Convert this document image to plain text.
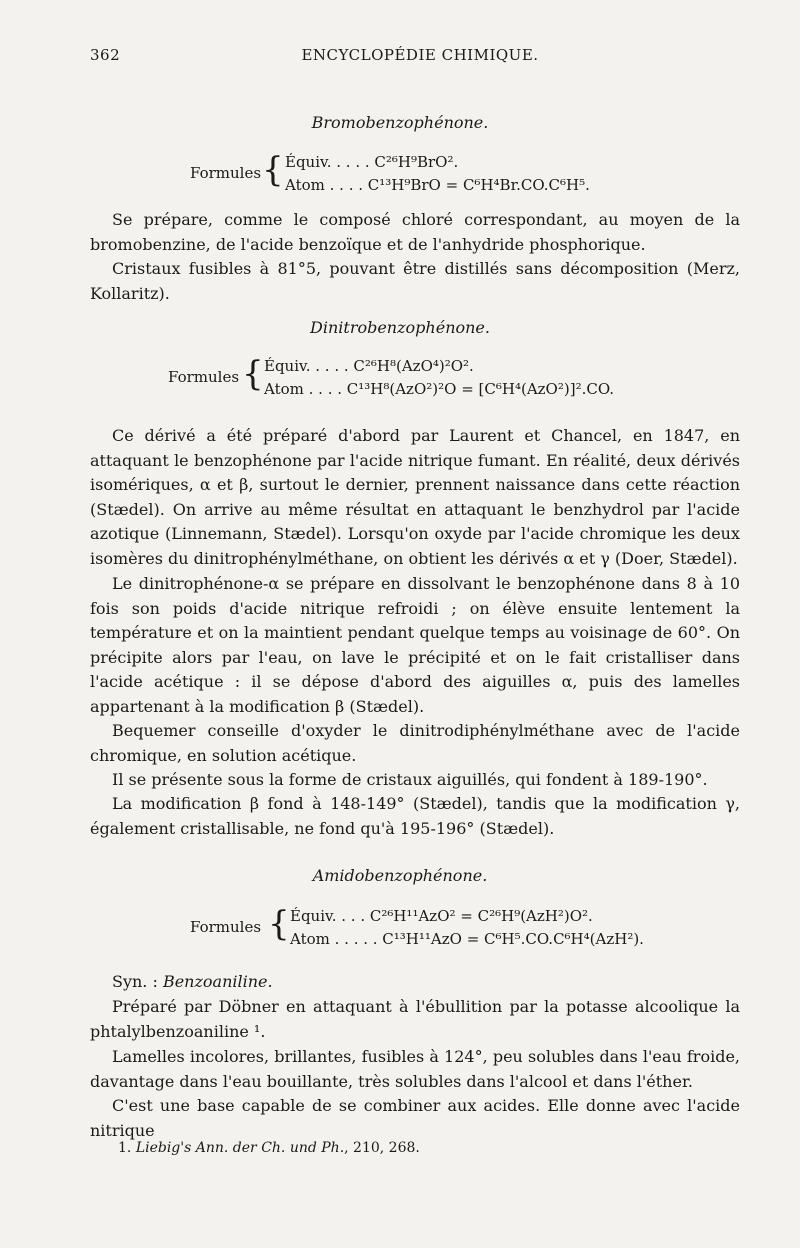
362	ENCYCLOPÉDIE CHIMIQUE.
Bromobenzophénone.
Formules { Équiv. . . . . C²⁶H⁹BrO².
Atom . . . . C¹³H⁹BrO = C⁶H⁴Br.CO.C⁶H⁵.

Se prépare, comme le composé chloré correspondant, au moyen de la bromobenzine, de l'acide benzoïque et de l'anhydride phosphorique.

Cristaux fusibles à 81°5, pouvant être distillés sans décomposition (Merz, Kollaritz).

Dinitrobenzophénone.
Formules { Équiv. . . . . C²⁶H⁸(AzO⁴)²O².
Atom . . . . C¹³H⁸(AzO²)²O = [C⁶H⁴(AzO²)]².CO.

Ce dérivé a été préparé d'abord par Laurent et Chancel, en 1847, en attaquant le benzophénone par l'acide nitrique fumant. En réalité, deux dérivés isomériques, α et β, surtout le dernier, prennent naissance dans cette réaction (Stædel). On arrive au même résultat en attaquant le benzhydrol par l'acide azotique (Linnemann, Stædel). Lorsqu'on oxyde par l'acide chromique les deux isomères du dinitrophénylméthane, on obtient les dérivés α et γ (Doer, Stædel).

Le dinitrophénone-α se prépare en dissolvant le benzophénone dans 8 à 10 fois son poids d'acide nitrique refroidi ; on élève ensuite lentement la température et on la maintient pendant quelque temps au voisinage de 60°. On précipite alors par l'eau, on lave le précipité et on le fait cristalliser dans l'acide acétique : il se dépose d'abord des aiguilles α, puis des lamelles appartenant à la modification β (Stædel).

Bequemer conseille d'oxyder le dinitrodiphénylméthane avec de l'acide chromique, en solution acétique.

Il se présente sous la forme de cristaux aiguillés, qui fondent à 189-190°.

La modification β fond à 148-149° (Stædel), tandis que la modification γ, également cristallisable, ne fond qu'à 195-196° (Stædel).

Amidobenzophénone.
Formules { Équiv. . . . C²⁶H¹¹AzO² = C²⁶H⁹(AzH²)O².
Atom . . . . . C¹³H¹¹AzO = C⁶H⁵.CO.C⁶H⁴(AzH²).

Syn. : Benzoaniline.

Préparé par Döbner en attaquant à l'ébullition par la potasse alcoolique la phtalylbenzoaniline ¹.

Lamelles incolores, brillantes, fusibles à 124°, peu solubles dans l'eau froide, davantage dans l'eau bouillante, très solubles dans l'alcool et dans l'éther.

C'est une base capable de se combiner aux acides. Elle donne avec l'acide nitrique

1. Liebig's Ann. der Ch. und Ph., 210, 268.
